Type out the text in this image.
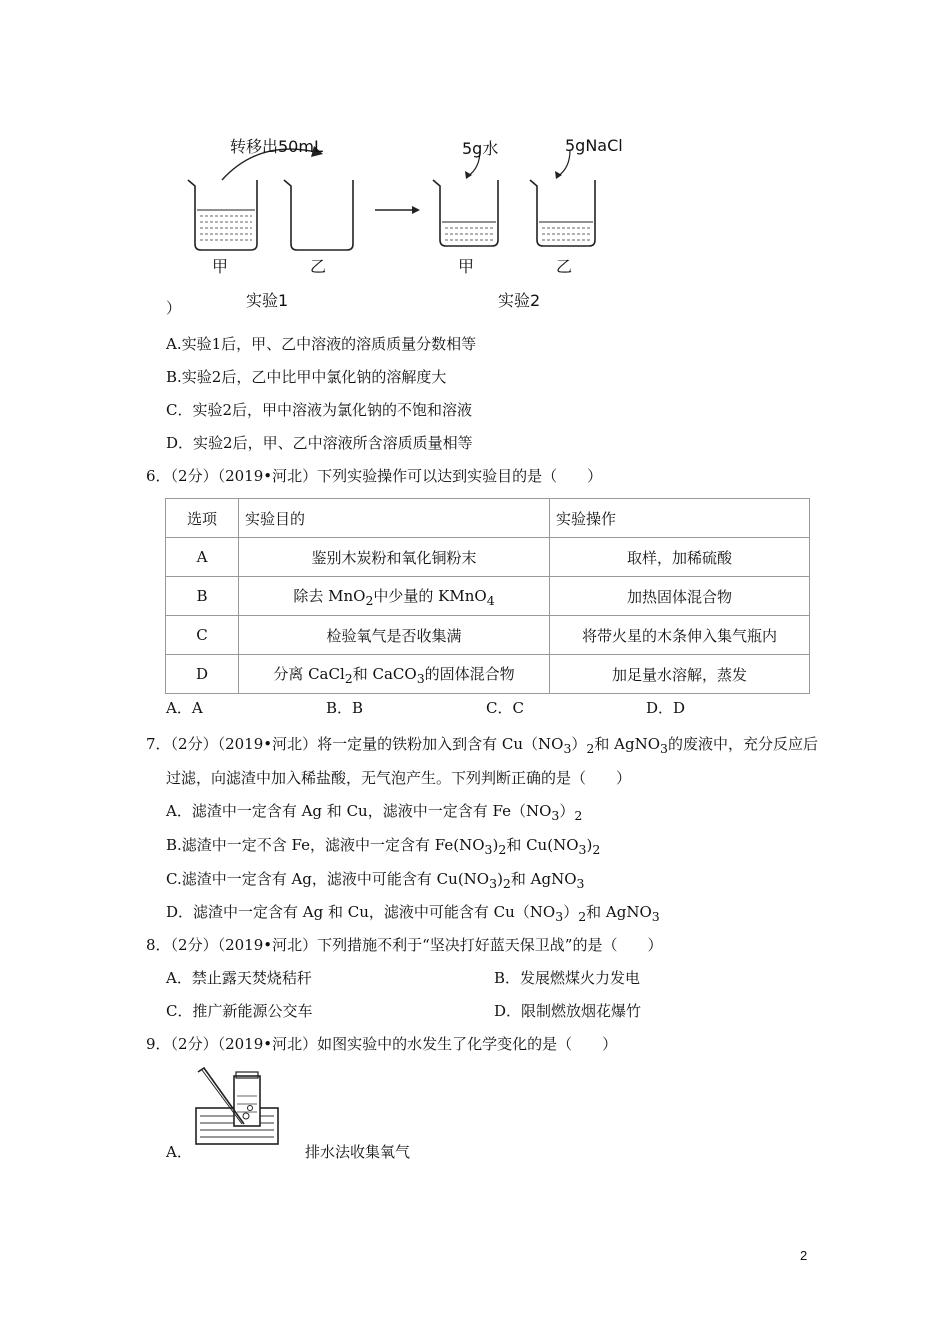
转移出50mL	5g水	5gNaCl
甲	乙	甲	乙
实验1	实验2
）
A.实验1后，甲、乙中溶液的溶质质量分数相等
B.实验2后，乙中比甲中氯化钠的溶解度大
C．实验2后，甲中溶液为氯化钠的不饱和溶液
D．实验2后，甲、乙中溶液所含溶质质量相等
6．（2分）（2019•河北）下列实验操作可以达到实验目的是（　　）
选项	实验目的	实验操作
A	鉴别木炭粉和氧化铜粉末	取样，加稀硫酸
B	除去 MnO$_2$中少量的 KMnO$_4$	加热固体混合物
C	检验氧气是否收集满	将带火星的木条伸入集气瓶内
D	分离 CaCl$_2$和 CaCO$_3$的固体混合物	加足量水溶解，蒸发
A．A	B．B	C．C	D．D
7．（2分）（2019•河北）将一定量的铁粉加入到含有 $Cu(NO_3)_2$和 AgNO$_3$的废液中，充分反应后
过滤，向滤渣中加入稀盐酸，无气泡产生。下列判断正确的是（　　）
A．滤渣中一定含有 Ag 和 Cu，滤液中一定含有 $Fe(NO_3)_2$
B.滤渣中一定不含 Fe，滤液中一定含有 $Fe(NO_3)_2$和 $Cu(NO_3)_2$
C.滤渣中一定含有 Ag，滤液中可能含有 $Cu(NO_3)_2$和 AgNO$_3$
D．滤渣中一定含有 Ag 和 Cu，滤液中可能含有 $Cu(NO_3)_2$和 AgNO$_3$
8．（2分）（2019•河北）下列措施不利于“坚决打好蓝天保卫战”的是（　　）
A．禁止露天焚烧秸秆	B．发展燃煤火力发电
C．推广新能源公交车	D．限制燃放烟花爆竹
9．（2分）（2019•河北）如图实验中的水发生了化学变化的是（　　）
A．	排水法收集氧气
2
